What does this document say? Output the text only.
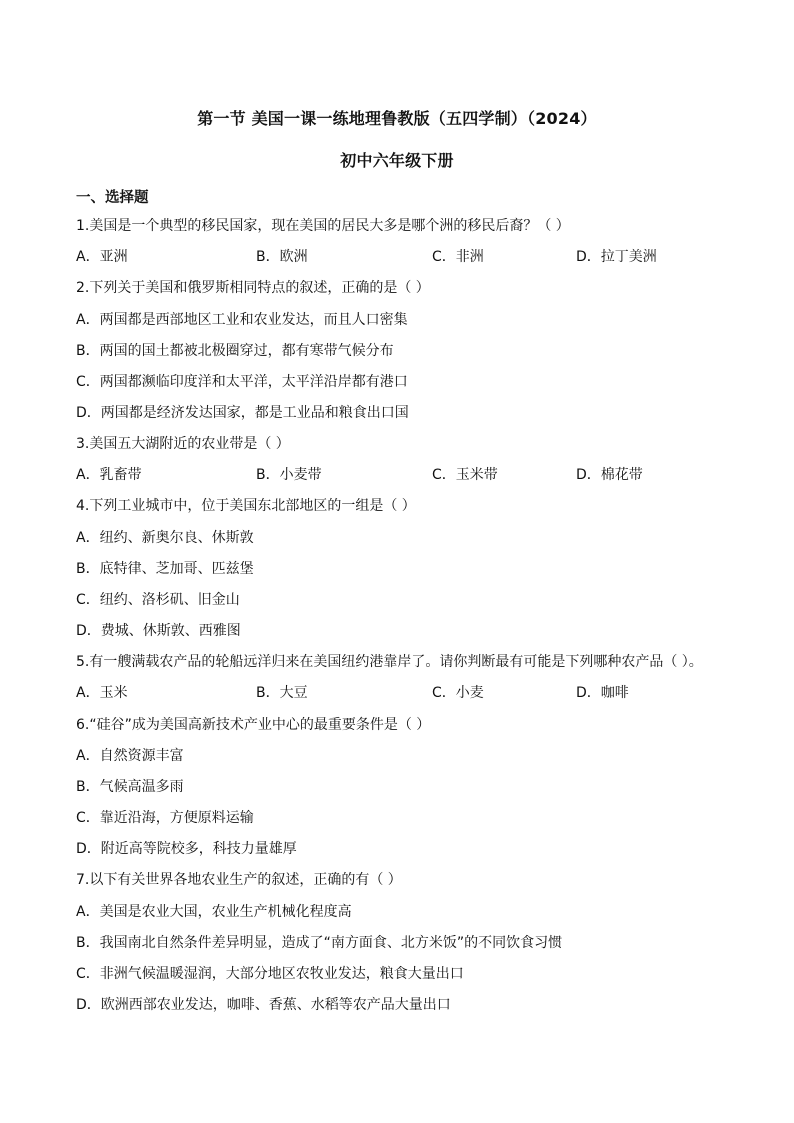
第一节 美国一课一练地理鲁教版（五四学制）（2024）
初中六年级下册
一、选择题
1.美国是一个典型的移民国家，现在美国的居民大多是哪个洲的移民后裔？（ ）
A．亚洲	B．欧洲	C．非洲	D．拉丁美洲
2.下列关于美国和俄罗斯相同特点的叙述，正确的是（ ）
A．两国都是西部地区工业和农业发达，而且人口密集
B．两国的国土都被北极圈穿过，都有寒带气候分布
C．两国都濒临印度洋和太平洋，太平洋沿岸都有港口
D．两国都是经济发达国家，都是工业品和粮食出口国
3.美国五大湖附近的农业带是（ ）
A．乳畜带	B．小麦带	C．玉米带	D．棉花带
4.下列工业城市中，位于美国东北部地区的一组是（ ）
A．纽约、新奥尔良、休斯敦
B．底特律、芝加哥、匹兹堡
C．纽约、洛杉矶、旧金山
D．费城、休斯敦、西雅图
5.有一艘满载农产品的轮船远洋归来在美国纽约港靠岸了。请你判断最有可能是下列哪种农产品（ ）。
A．玉米	B．大豆	C．小麦	D．咖啡
6.“硅谷”成为美国高新技术产业中心的最重要条件是（ ）
A．自然资源丰富
B．气候高温多雨
C．靠近沿海，方便原料运输
D．附近高等院校多，科技力量雄厚
7.以下有关世界各地农业生产的叙述，正确的有（ ）
A．美国是农业大国，农业生产机械化程度高
B．我国南北自然条件差异明显，造成了“南方面食、北方米饭”的不同饮食习惯
C．非洲气候温暖湿润，大部分地区农牧业发达，粮食大量出口
D．欧洲西部农业发达，咖啡、香蕉、水稻等农产品大量出口
